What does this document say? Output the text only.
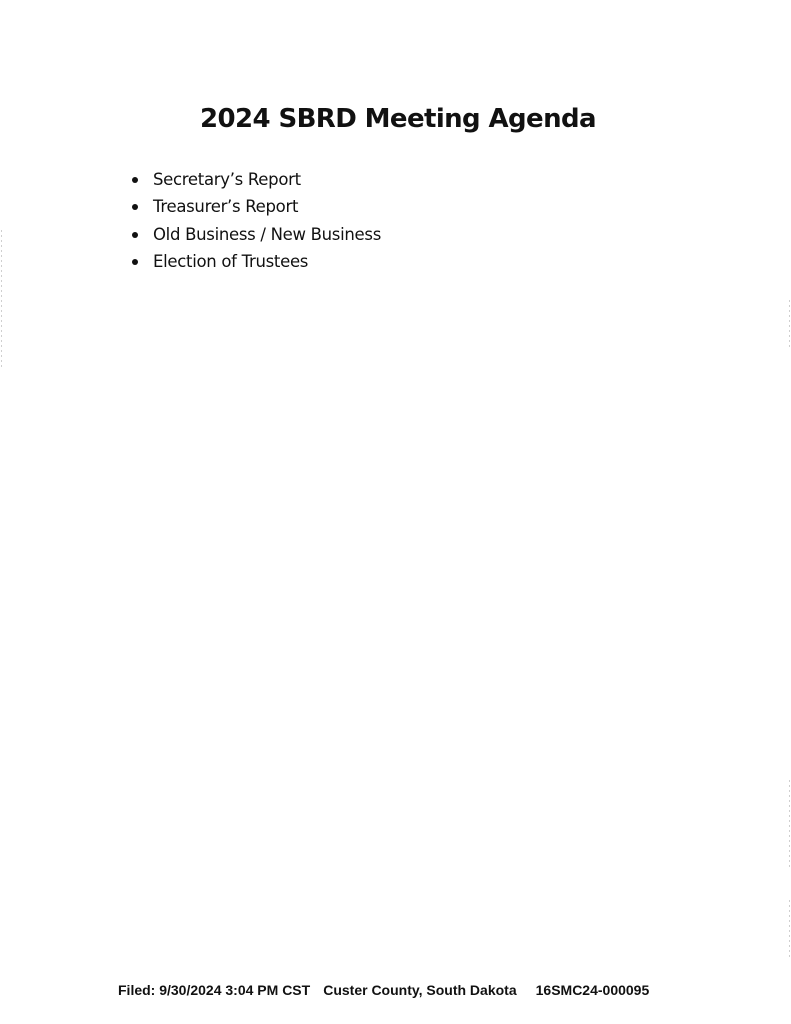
2024 SBRD Meeting Agenda
Secretary’s Report
Treasurer’s Report
Old Business / New Business
Election of Trustees
Filed: 9/30/2024 3:04 PM CST Custer County, South Dakota 16SMC24-000095
